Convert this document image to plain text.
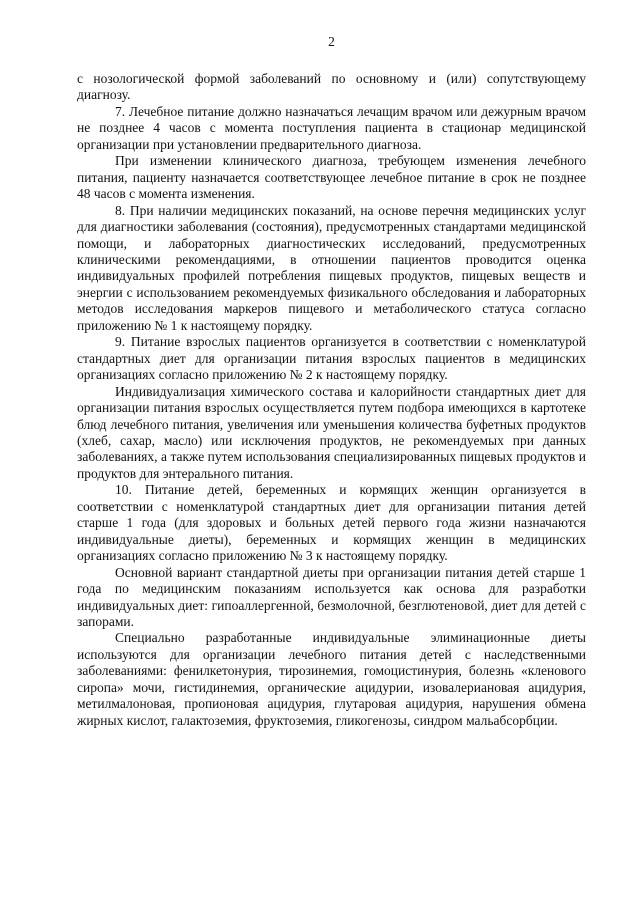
2

с нозологической формой заболеваний по основному и (или) сопутствующему диагнозу.

7. Лечебное питание должно назначаться лечащим врачом или дежурным врачом не позднее 4 часов с момента поступления пациента в стационар медицинской организации при установлении предварительного диагноза.

При изменении клинического диагноза, требующем изменения лечебного питания, пациенту назначается соответствующее лечебное питание в срок не позднее 48 часов с момента изменения.

8. При наличии медицинских показаний, на основе перечня медицинских услуг для диагностики заболевания (состояния), предусмотренных стандартами медицинской помощи, и лабораторных диагностических исследований, предусмотренных клиническими рекомендациями, в отношении пациентов проводится оценка индивидуальных профилей потребления пищевых продуктов, пищевых веществ и энергии с использованием рекомендуемых физикального обследования и лабораторных методов исследования маркеров пищевого и метаболического статуса согласно приложению № 1 к настоящему порядку.

9. Питание взрослых пациентов организуется в соответствии с номенклатурой стандартных диет для организации питания взрослых пациентов в медицинских организациях согласно приложению № 2 к настоящему порядку.

Индивидуализация химического состава и калорийности стандартных диет для организации питания взрослых осуществляется путем подбора имеющихся в картотеке блюд лечебного питания, увеличения или уменьшения количества буфетных продуктов (хлеб, сахар, масло) или исключения продуктов, не рекомендуемых при данных заболеваниях, а также путем использования специализированных пищевых продуктов и продуктов для энтерального питания.

10. Питание детей, беременных и кормящих женщин организуется в соответствии с номенклатурой стандартных диет для организации питания детей старше 1 года (для здоровых и больных детей первого года жизни назначаются индивидуальные диеты), беременных и кормящих женщин в медицинских организациях согласно приложению № 3 к настоящему порядку.

Основной вариант стандартной диеты при организации питания детей старше 1 года по медицинским показаниям используется как основа для разработки индивидуальных диет: гипоаллергенной, безмолочной, безглютеновой, диет для детей с запорами.

Специально разработанные индивидуальные элиминационные диеты используются для организации лечебного питания детей с наследственными заболеваниями: фенилкетонурия, тирозинемия, гомоцистинурия, болезнь «кленового сиропа» мочи, гистидинемия, органические ацидурии, изовалериановая ацидурия, метилмалоновая, пропионовая ацидурия, глутаровая ацидурия, нарушения обмена жирных кислот, галактоземия, фруктоземия, гликогенозы, синдром мальабсорбции.
